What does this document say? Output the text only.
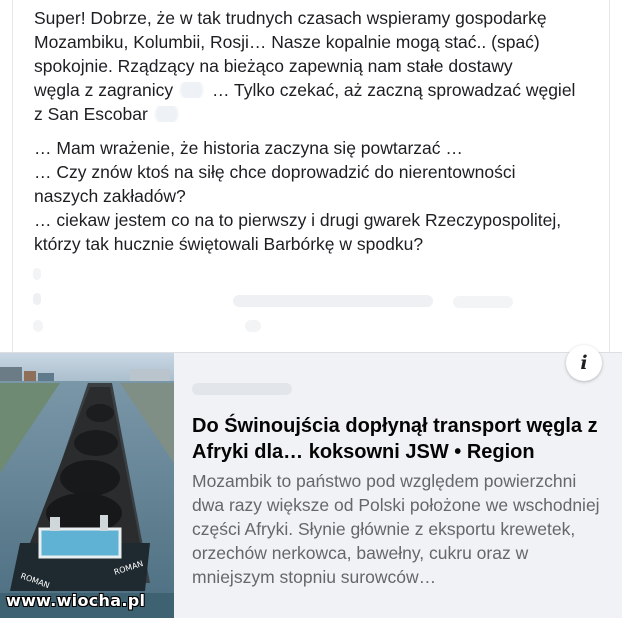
Super! Dobrze, że w tak trudnych czasach wspieramy gospodarkę
Mozambiku, Kolumbii, Rosji… Nasze kopalnie mogą stać.. (spać)
spokojnie. Rządzący na bieżąco zapewnią nam stałe dostawy
węgla z zagranicy … Tylko czekać, aż zaczną sprowadzać węgiel
z San Escobar

… Mam wrażenie, że historia zaczyna się powtarzać …
… Czy znów ktoś na siłę chce doprowadzić do nierentowności
naszych zakładów?
… ciekaw jestem co na to pierwszy i drugi gwarek Rzeczypospolitej,
którzy tak hucznie świętowali Barbórkę w spodku?

ROMAN
ROMAN
www.wiocha.pl
i

Do Świnoujścia dopłynął transport węgla z Afryki dla… koksowni JSW • Region

Mozambik to państwo pod względem powierzchni dwa razy większe od Polski położone we wschodniej części Afryki. Słynie głównie z eksportu krewetek, orzechów nerkowca, bawełny, cukru oraz w mniejszym stopniu surowców…
